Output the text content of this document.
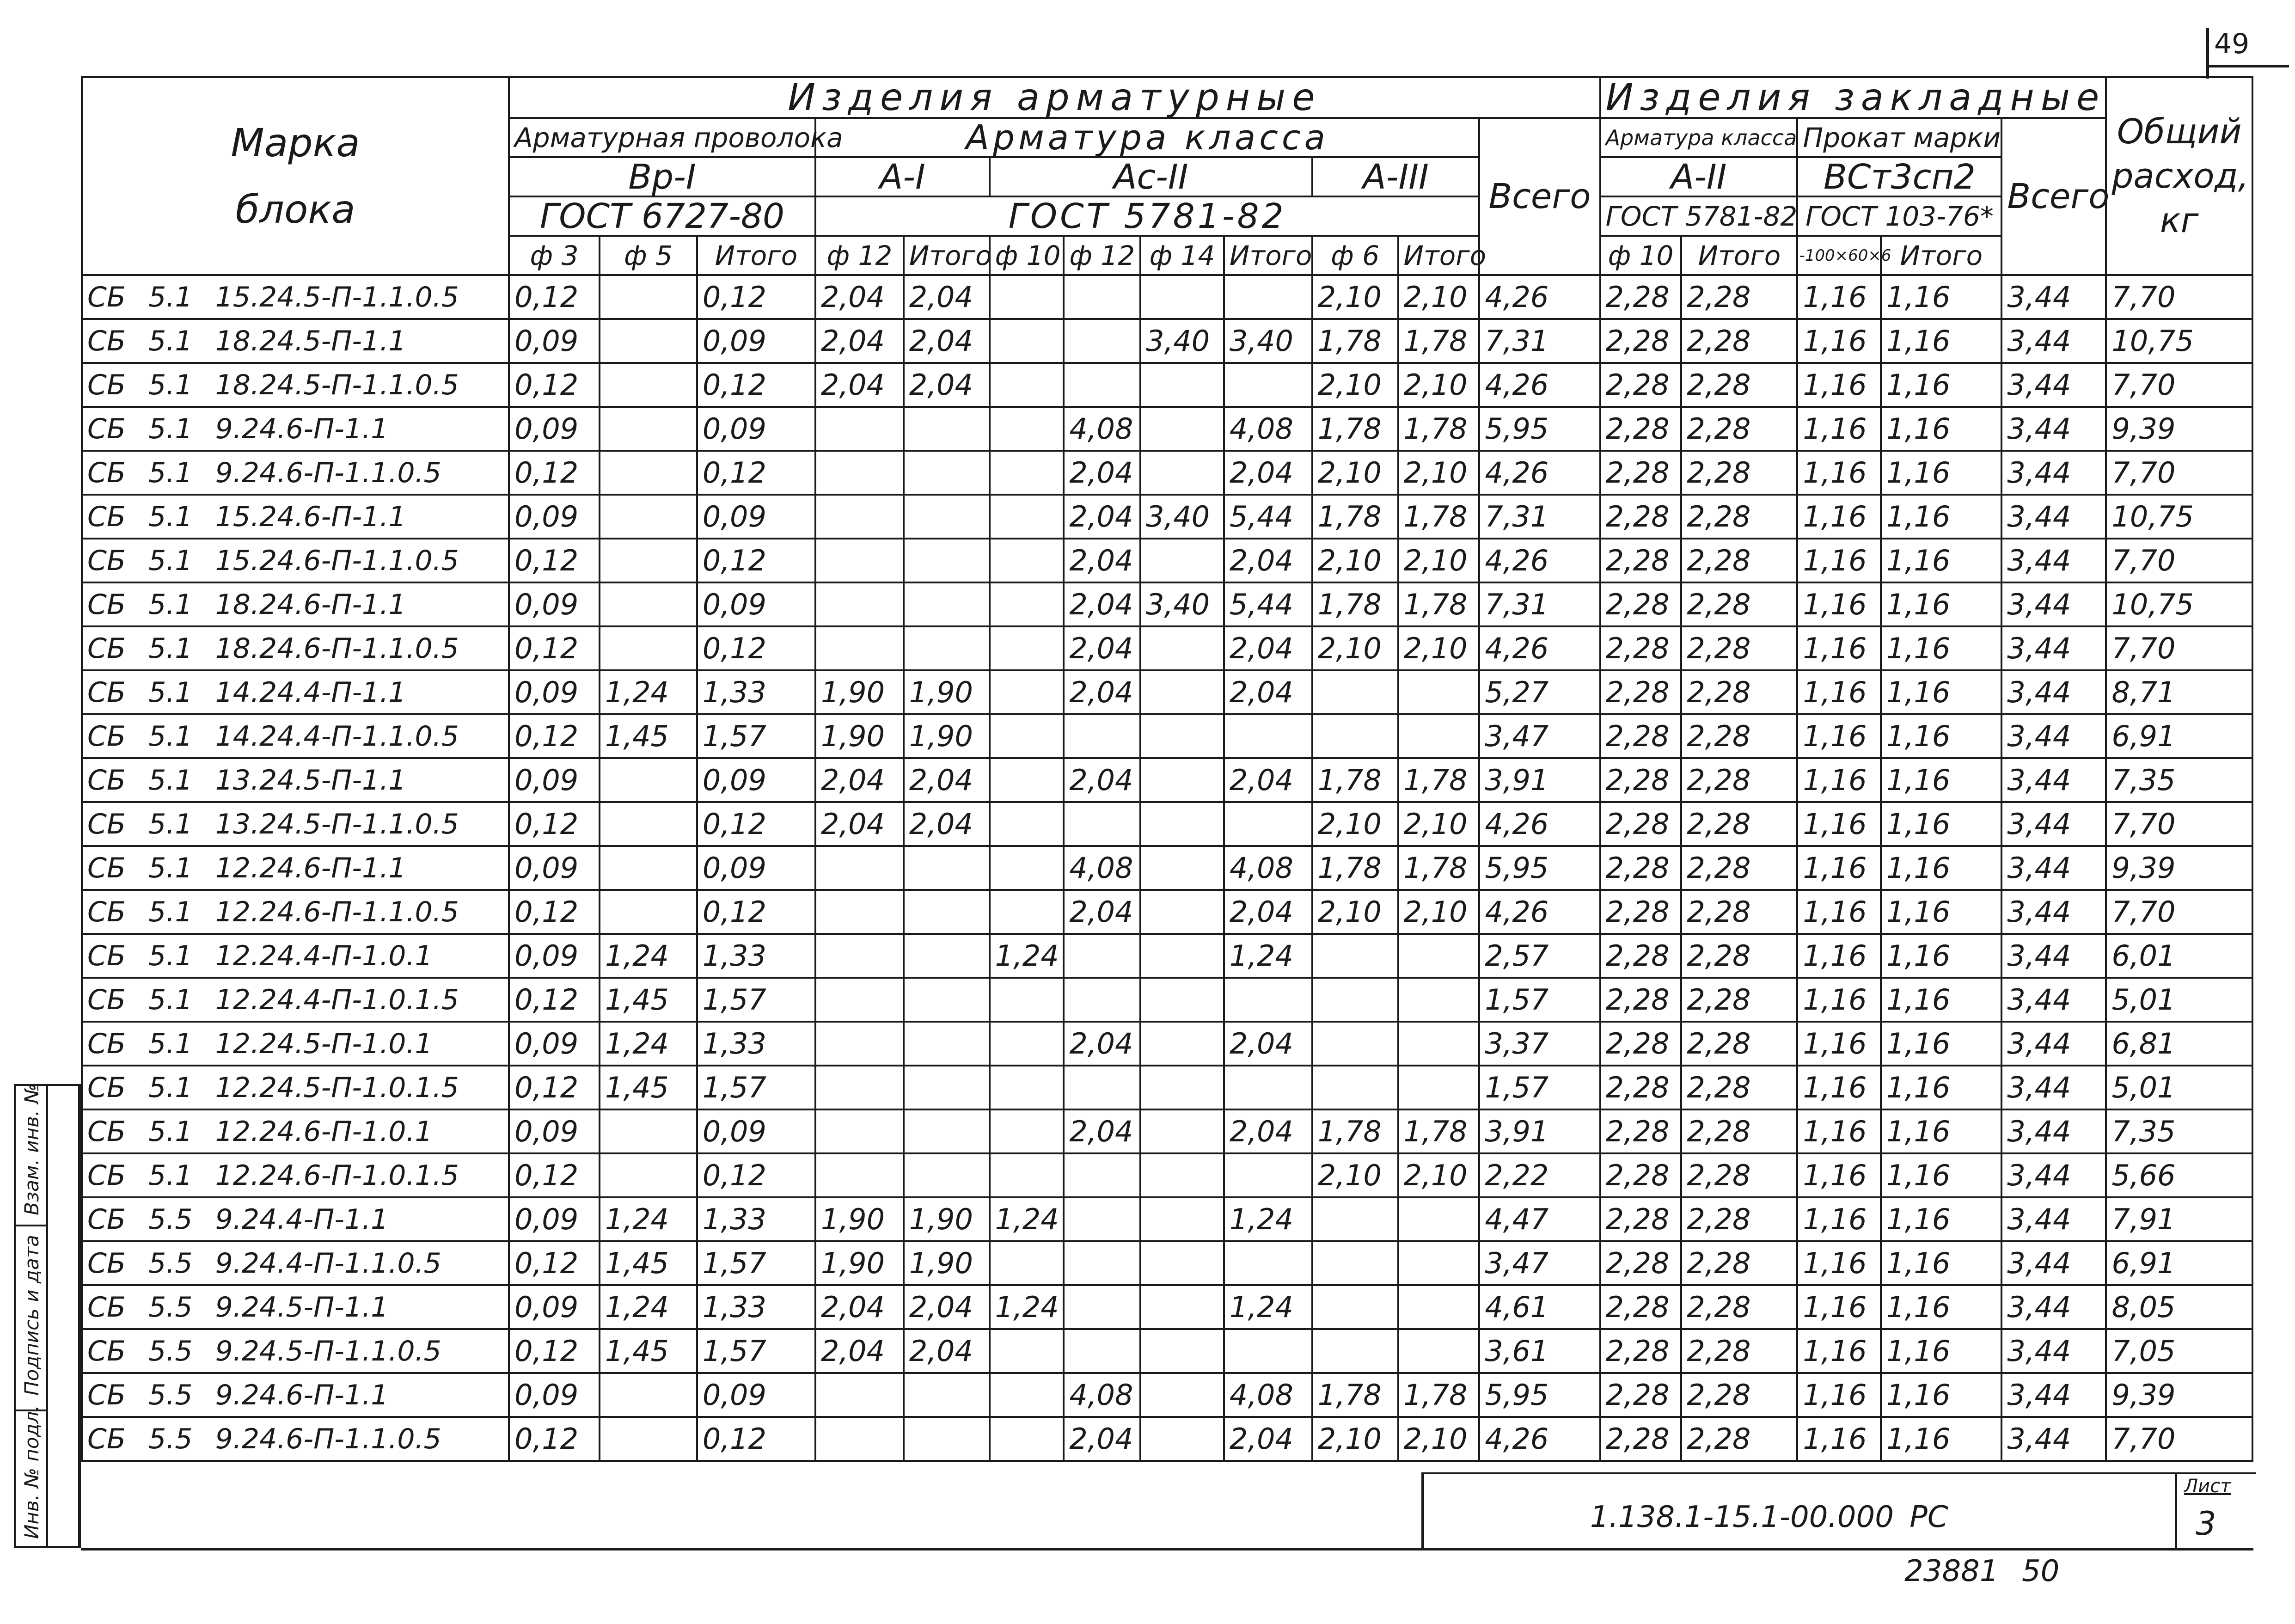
49
Марка
блока	Изделия арматурные												Изделия закладные					Общий расход, кг
	Арматурная проволока			Арматура класса								Всего	Арматура класса		Прокат марки		Всего	
	Вр-I			А-I		Ас-II				А-III			А-II		ВСт3сп2			
	ГОСТ 6727-80			ГОСТ 5781-82									ГОСТ 5781-82		ГОСТ 103-76*			
	ф 3	ф 5	Итого	ф 12	Итого	ф 10	ф 12	ф 14	Итого	ф 6	Итого		ф 10	Итого	-100×60×6	Итого		
СБ 5.1 15.24.5-П-1.1.0.5	0,12		0,12	2,04	2,04					2,10	2,10	4,26	2,28	2,28	1,16	1,16	3,44	7,70
СБ 5.1 18.24.5-П-1.1	0,09		0,09	2,04	2,04			3,40	3,40	1,78	1,78	7,31	2,28	2,28	1,16	1,16	3,44	10,75
СБ 5.1 18.24.5-П-1.1.0.5	0,12		0,12	2,04	2,04					2,10	2,10	4,26	2,28	2,28	1,16	1,16	3,44	7,70
СБ 5.1 9.24.6-П-1.1	0,09		0,09				4,08		4,08	1,78	1,78	5,95	2,28	2,28	1,16	1,16	3,44	9,39
СБ 5.1 9.24.6-П-1.1.0.5	0,12		0,12				2,04		2,04	2,10	2,10	4,26	2,28	2,28	1,16	1,16	3,44	7,70
СБ 5.1 15.24.6-П-1.1	0,09		0,09				2,04	3,40	5,44	1,78	1,78	7,31	2,28	2,28	1,16	1,16	3,44	10,75
СБ 5.1 15.24.6-П-1.1.0.5	0,12		0,12				2,04		2,04	2,10	2,10	4,26	2,28	2,28	1,16	1,16	3,44	7,70
СБ 5.1 18.24.6-П-1.1	0,09		0,09				2,04	3,40	5,44	1,78	1,78	7,31	2,28	2,28	1,16	1,16	3,44	10,75
СБ 5.1 18.24.6-П-1.1.0.5	0,12		0,12				2,04		2,04	2,10	2,10	4,26	2,28	2,28	1,16	1,16	3,44	7,70
СБ 5.1 14.24.4-П-1.1	0,09	1,24	1,33	1,90	1,90		2,04		2,04			5,27	2,28	2,28	1,16	1,16	3,44	8,71
СБ 5.1 14.24.4-П-1.1.0.5	0,12	1,45	1,57	1,90	1,90							3,47	2,28	2,28	1,16	1,16	3,44	6,91
СБ 5.1 13.24.5-П-1.1	0,09		0,09	2,04	2,04		2,04		2,04	1,78	1,78	3,91	2,28	2,28	1,16	1,16	3,44	7,35
СБ 5.1 13.24.5-П-1.1.0.5	0,12		0,12	2,04	2,04					2,10	2,10	4,26	2,28	2,28	1,16	1,16	3,44	7,70
СБ 5.1 12.24.6-П-1.1	0,09		0,09				4,08		4,08	1,78	1,78	5,95	2,28	2,28	1,16	1,16	3,44	9,39
СБ 5.1 12.24.6-П-1.1.0.5	0,12		0,12				2,04		2,04	2,10	2,10	4,26	2,28	2,28	1,16	1,16	3,44	7,70
СБ 5.1 12.24.4-П-1.0.1	0,09	1,24	1,33			1,24			1,24			2,57	2,28	2,28	1,16	1,16	3,44	6,01
СБ 5.1 12.24.4-П-1.0.1.5	0,12	1,45	1,57									1,57	2,28	2,28	1,16	1,16	3,44	5,01
СБ 5.1 12.24.5-П-1.0.1	0,09	1,24	1,33				2,04		2,04			3,37	2,28	2,28	1,16	1,16	3,44	6,81
СБ 5.1 12.24.5-П-1.0.1.5	0,12	1,45	1,57									1,57	2,28	2,28	1,16	1,16	3,44	5,01
СБ 5.1 12.24.6-П-1.0.1	0,09		0,09				2,04		2,04	1,78	1,78	3,91	2,28	2,28	1,16	1,16	3,44	7,35
СБ 5.1 12.24.6-П-1.0.1.5	0,12		0,12							2,10	2,10	2,22	2,28	2,28	1,16	1,16	3,44	5,66
СБ 5.5 9.24.4-П-1.1	0,09	1,24	1,33	1,90	1,90	1,24			1,24			4,47	2,28	2,28	1,16	1,16	3,44	7,91
СБ 5.5 9.24.4-П-1.1.0.5	0,12	1,45	1,57	1,90	1,90							3,47	2,28	2,28	1,16	1,16	3,44	6,91
СБ 5.5 9.24.5-П-1.1	0,09	1,24	1,33	2,04	2,04	1,24			1,24			4,61	2,28	2,28	1,16	1,16	3,44	8,05
СБ 5.5 9.24.5-П-1.1.0.5	0,12	1,45	1,57	2,04	2,04							3,61	2,28	2,28	1,16	1,16	3,44	7,05
СБ 5.5 9.24.6-П-1.1	0,09		0,09				4,08		4,08	1,78	1,78	5,95	2,28	2,28	1,16	1,16	3,44	9,39
СБ 5.5 9.24.6-П-1.1.0.5	0,12		0,12				2,04		2,04	2,10	2,10	4,26	2,28	2,28	1,16	1,16	3,44	7,70
1.138.1-15.1-00.000 РС
Лист
3
23881 50
Взам. инв. №
Подпись и дата
Инв. № подл.
